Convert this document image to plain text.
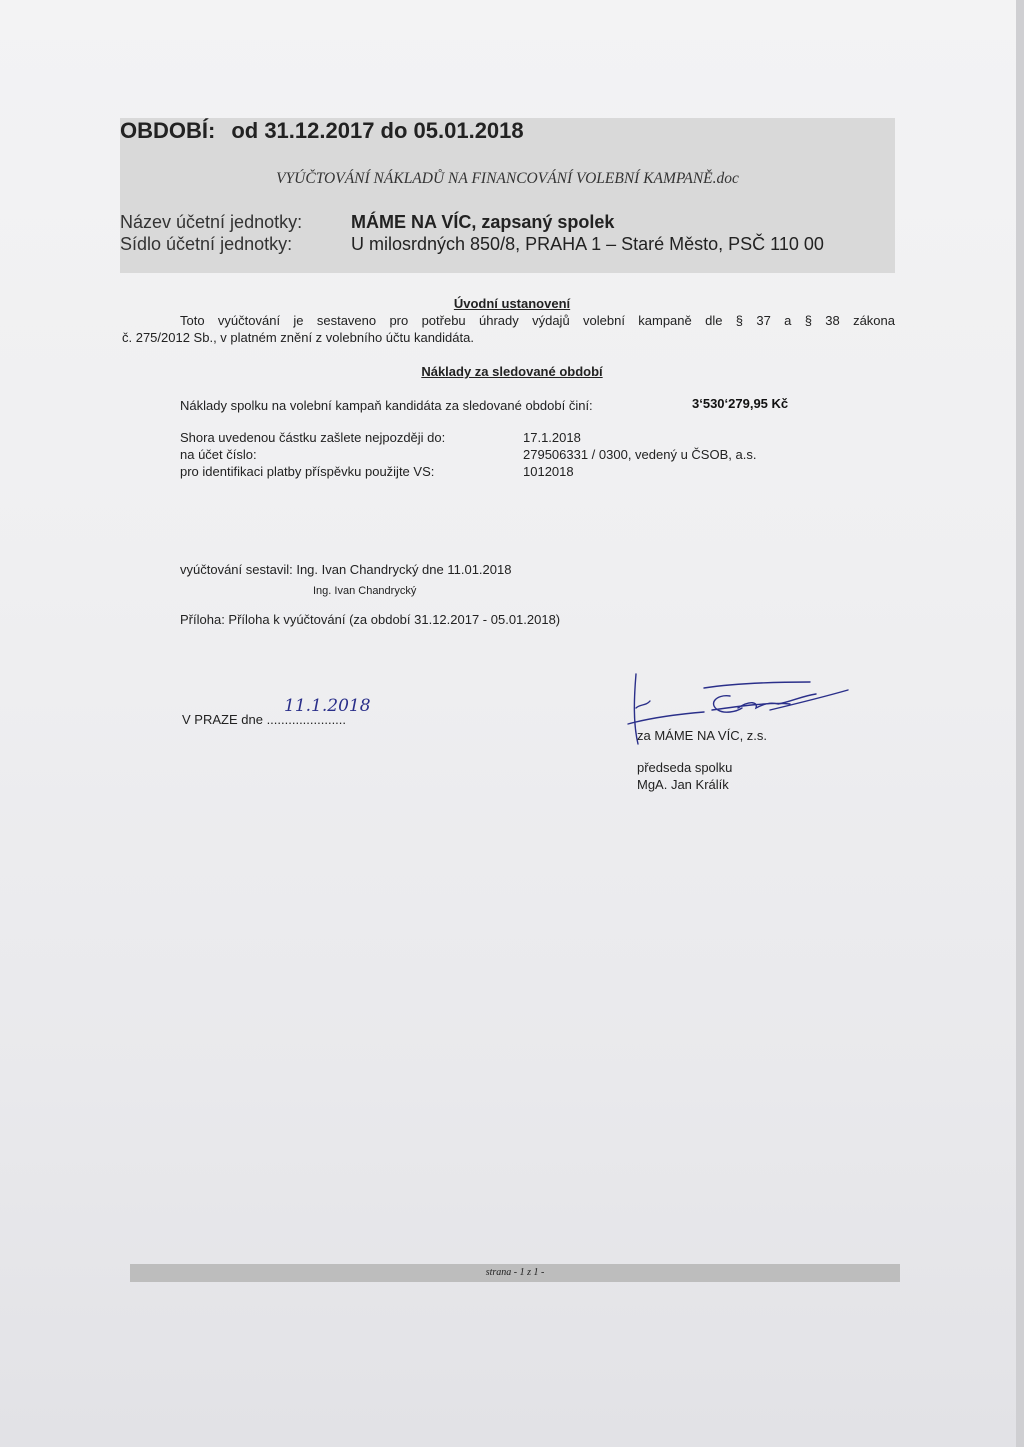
OBDOBÍ: od 31.12.2017 do 05.01.2018
VYÚČTOVÁNÍ NÁKLADŮ NA FINANCOVÁNÍ VOLEBNÍ KAMPANĚ.doc
Název účetní jednotky:	MÁME NA VÍC, zapsaný spolek
Sídlo účetní jednotky:	U milosrdných 850/8, PRAHA 1 – Staré Město, PSČ 110 00
Úvodní ustanovení
Toto vyúčtování je sestaveno pro potřebu úhrady výdajů volební kampaně dle § 37 a § 38 zákona
č. 275/2012 Sb., v platném znění z volebního účtu kandidáta.
Náklady za sledované období
Náklady spolku na volební kampaň kandidáta za sledované období činí:	3‘530‘279,95 Kč
Shora uvedenou částku zašlete nejpozději do:	17.1.2018
na účet číslo:	279506331 / 0300, vedený u ČSOB, a.s.
pro identifikaci platby příspěvku použijte VS:	1012018
vyúčtování sestavil: Ing. Ivan Chandrycký dne 11.01.2018
Ing. Ivan Chandrycký
Příloha: Příloha k vyúčtování (za období 31.12.2017 - 05.01.2018)
V PRAZE dne ......................
11.1.2018
za MÁME NA VÍC, z.s.
předseda spolku
MgA. Jan Králík
strana - 1 z 1 -
